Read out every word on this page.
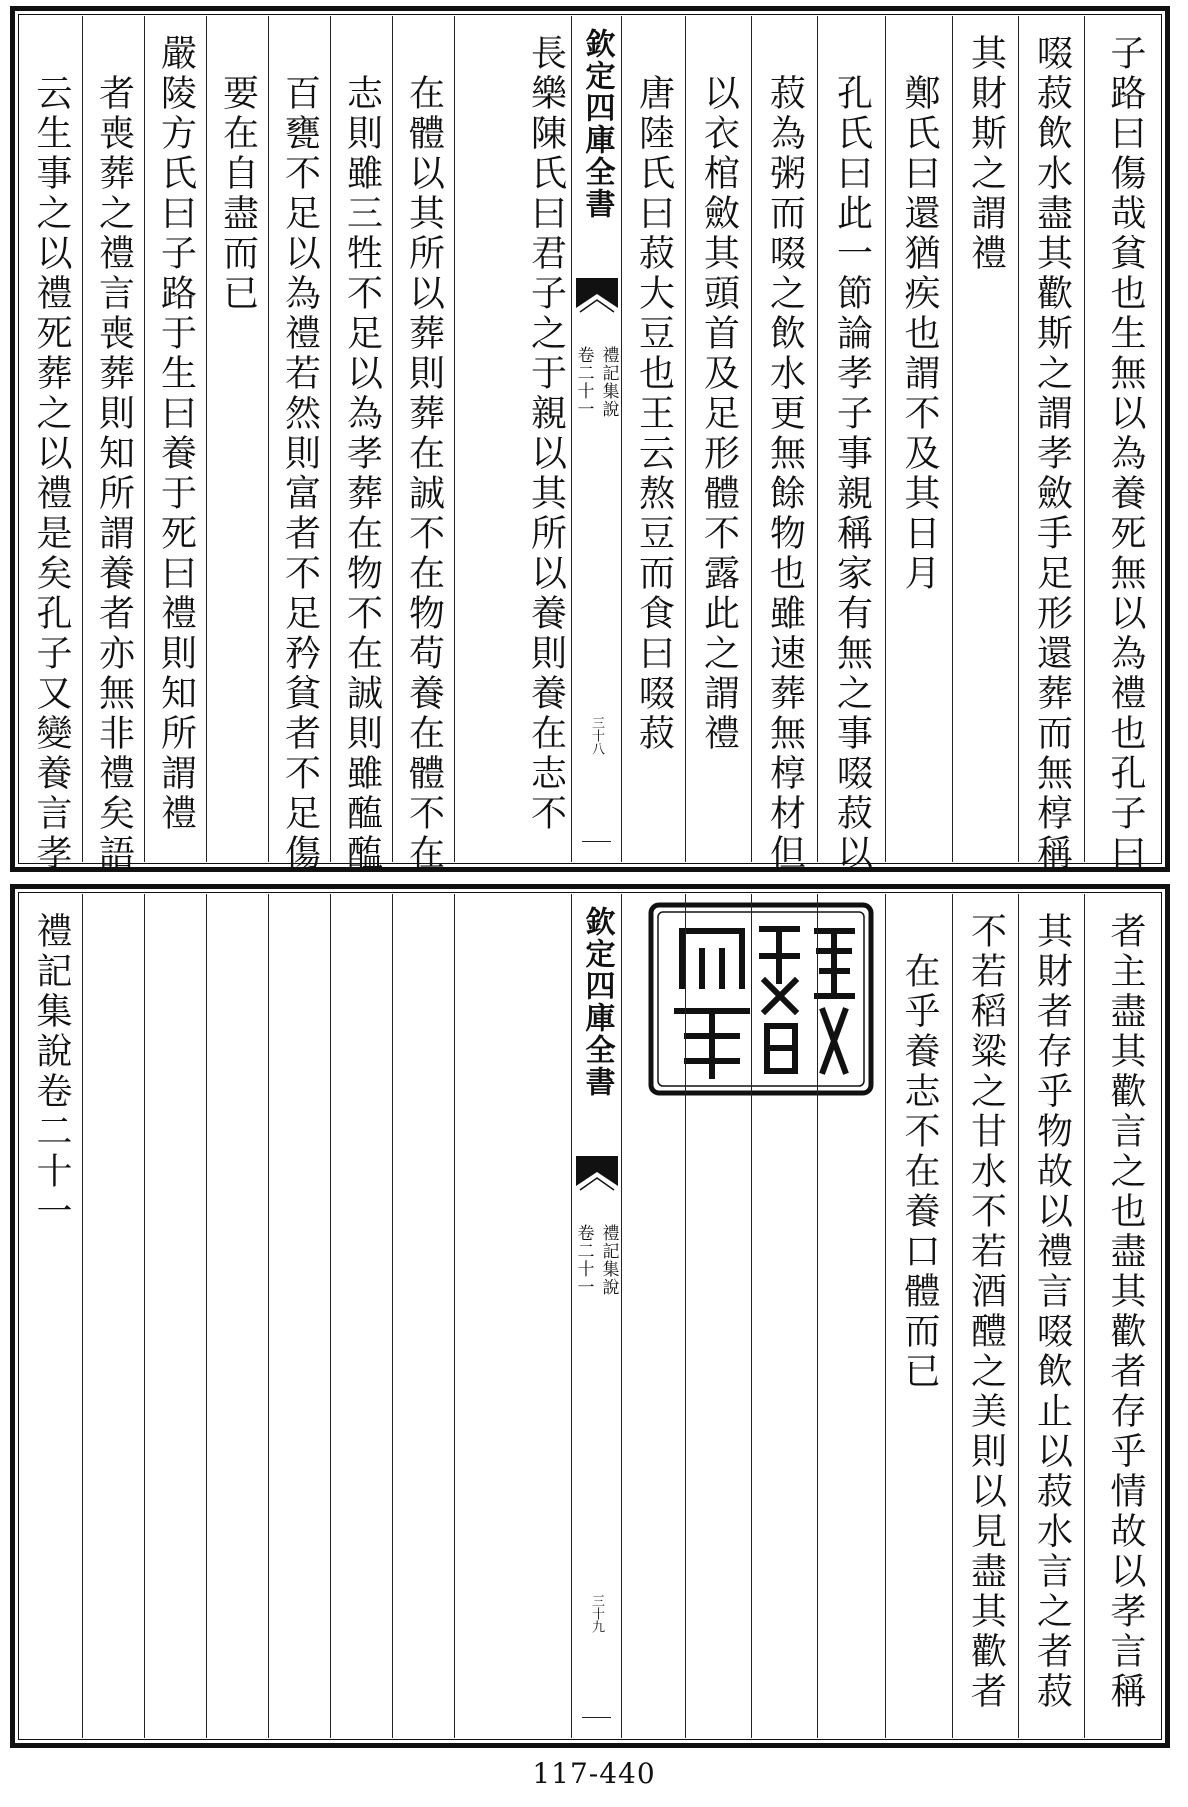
云生事之以禮死葬之以禮是矣孔子又變養言孝 者喪葬之禮言喪葬則知所謂養者亦無非禮矣語 嚴陵方氏曰子路于生曰養于死曰禮則知所謂禮 要在自盡而已 百甕不足以為禮若然則富者不足矜貧者不足傷 志則雖三牲不足以為孝葬在物不在誠則雖醢醢 在體以其所以葬則葬在誠不在物苟養在體不在 長樂陳氏曰君子之于親以其所以養則養在志不 欽定四庫全書
禮記集說
卷二十一
三十八 唐陸氏曰菽大豆也王云熬豆而食曰啜菽 以衣棺斂其頭首及足形體不露此之謂禮 菽為粥而啜之飲水更無餘物也雖速葬無椁材但 孔氏曰此一節論孝子事親稱家有無之事啜菽以 鄭氏曰還猶疾也謂不及其日月 其財斯之謂禮 啜菽飲水盡其歡斯之謂孝斂手足形還葬而無椁稱 子路曰傷哉貧也生無以為養死無以為禮也孔子曰
禮記集說卷二十一	欽定四庫全書
禮記集說
卷二十一
三十九
在乎養志不在養口體而已 不若稻粱之甘水不若酒醴之美則以見盡其歡者 其財者存乎物故以禮言啜飲止以菽水言之者菽 者主盡其歡言之也盡其歡者存乎情故以孝言稱
117-440
